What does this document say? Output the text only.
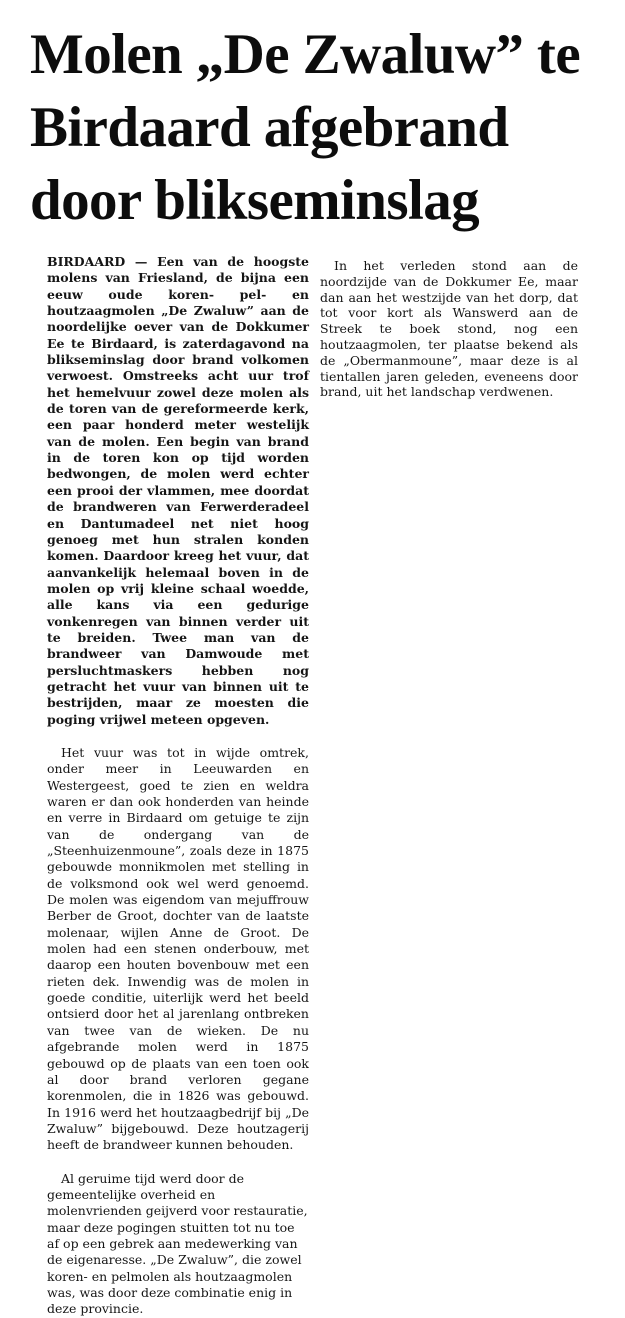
Molen „De Zwaluw” te Birdaard afgebrand door blikseminslag

BIRDAARD — Een van de hoogste molens van Friesland, de bijna een eeuw oude koren- pel- en houtzaagmolen „De Zwaluw” aan de noordelijke oever van de Dokkumer Ee te Birdaard, is zaterdagavond na blikseminslag door brand volkomen verwoest. Omstreeks acht uur trof het hemelvuur zowel deze molen als de toren van de gereformeerde kerk, een paar honderd meter westelijk van de molen. Een begin van brand in de toren kon op tijd worden bedwongen, de molen werd echter een prooi der vlammen, mee doordat de brandweren van Ferwerderadeel en Dantumadeel net niet hoog genoeg met hun stralen konden komen. Daardoor kreeg het vuur, dat aanvankelijk helemaal boven in de molen op vrij kleine schaal woedde, alle kans via een gedurige vonkenregen van binnen verder uit te breiden. Twee man van de brandweer van Damwoude met persluchtmaskers hebben nog getracht het vuur van binnen uit te bestrijden, maar ze moesten die poging vrijwel meteen opgeven.

Het vuur was tot in wijde omtrek, onder meer in Leeuwarden en Westergeest, goed te zien en weldra waren er dan ook honderden van heinde en verre in Birdaard om getuige te zijn van de ondergang van de „Steenhuizenmoune”, zoals deze in 1875 gebouwde monnikmolen met stelling in de volksmond ook wel werd genoemd. De molen was eigendom van mejuffrouw Berber de Groot, dochter van de laatste molenaar, wijlen Anne de Groot. De molen had een stenen onderbouw, met daarop een houten bovenbouw met een rieten dek. Inwendig was de molen in goede conditie, uiterlijk werd het beeld ontsierd door het al jarenlang ontbreken van twee van de wieken. De nu afgebrande molen werd in 1875 gebouwd op de plaats van een toen ook al door brand verloren gegane korenmolen, die in 1826 was gebouwd. In 1916 werd het houtzaagbedrijf bij „De Zwaluw” bijgebouwd. Deze houtzagerij heeft de brandweer kunnen behouden.

Al geruime tijd werd door de gemeentelijke overheid en molenvrienden geijverd voor restauratie, maar deze pogingen stuitten tot nu toe af op een gebrek aan medewerking van de eigenaresse. „De Zwaluw”, die zowel koren- en pelmolen als houtzaagmolen was, was door deze combinatie enig in deze provincie.

In het verleden stond aan de noordzijde van de Dokkumer Ee, maar dan aan het westzijde van het dorp, dat tot voor kort als Wanswerd aan de Streek te boek stond, nog een houtzaagmolen, ter plaatse bekend als de „Obermanmoune”, maar deze is al tientallen jaren geleden, eveneens door brand, uit het landschap verdwenen.
